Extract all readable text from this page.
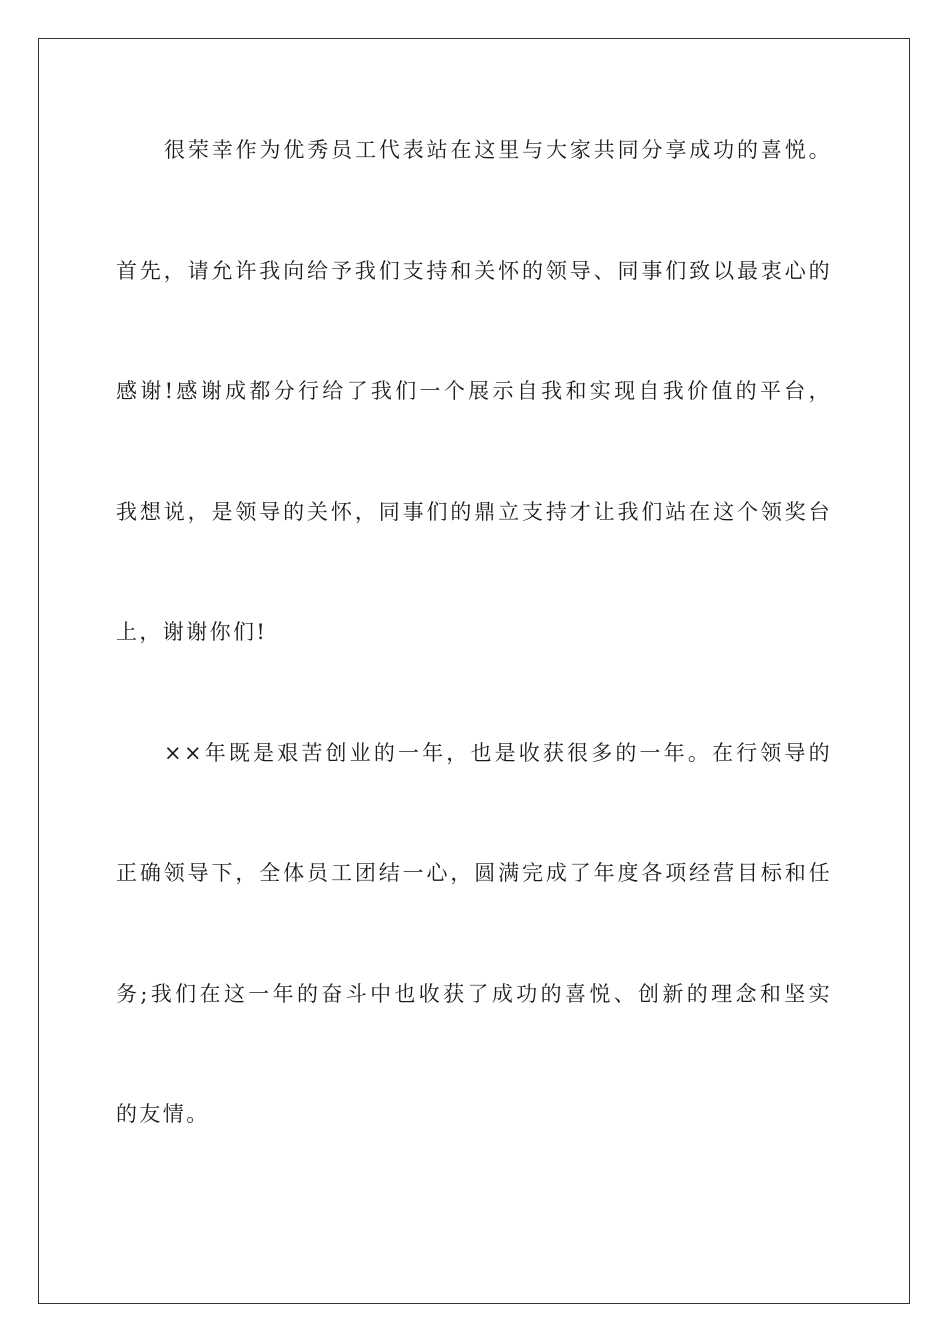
很荣幸作为优秀员工代表站在这里与大家共同分享成功的喜悦。
首先，请允许我向给予我们支持和关怀的领导、同事们致以最衷心的
感谢!感谢成都分行给了我们一个展示自我和实现自我价值的平台，
我想说，是领导的关怀，同事们的鼎立支持才让我们站在这个领奖台
上，谢谢你们!
××年既是艰苦创业的一年，也是收获很多的一年。在行领导的
正确领导下，全体员工团结一心，圆满完成了年度各项经营目标和任
务;我们在这一年的奋斗中也收获了成功的喜悦、创新的理念和坚实
的友情。
